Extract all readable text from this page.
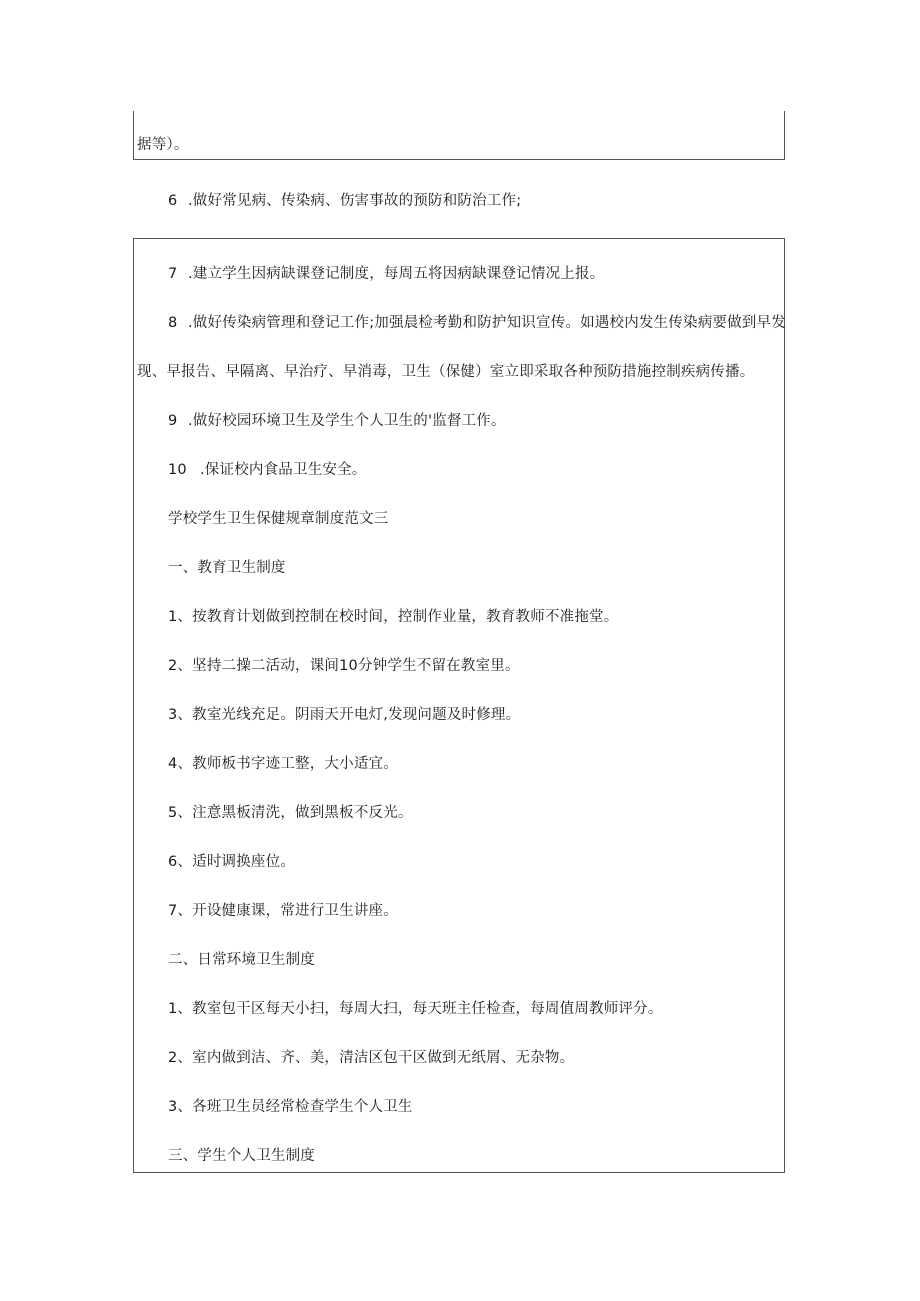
据等）。
6 .做好常见病、传染病、伤害事故的预防和防治工作;
7 .建立学生因病缺课登记制度，每周五将因病缺课登记情况上报。
8 .做好传染病管理和登记工作;加强晨检考勤和防护知识宣传。如遇校内发生传染病要做到早发
现、早报告、早隔离、早治疗、早消毒，卫生（保健）室立即采取各种预防措施控制疾病传播。
9 .做好校园环境卫生及学生个人卫生的'监督工作。
10 .保证校内食品卫生安全。
学校学生卫生保健规章制度范文三
一、教育卫生制度
1、按教育计划做到控制在校时间，控制作业量，教育教师不准拖堂。
2、坚持二操二活动，课间10分钟学生不留在教室里。
3、教室光线充足。阴雨天开电灯,发现问题及时修理。
4、教师板书字迹工整，大小适宜。
5、注意黑板清洗，做到黑板不反光。
6、适时调换座位。
7、开设健康课，常进行卫生讲座。
二、日常环境卫生制度
1、教室包干区每天小扫，每周大扫，每天班主任检查，每周值周教师评分。
2、室内做到洁、齐、美，清洁区包干区做到无纸屑、无杂物。
3、各班卫生员经常检查学生个人卫生
三、学生个人卫生制度
